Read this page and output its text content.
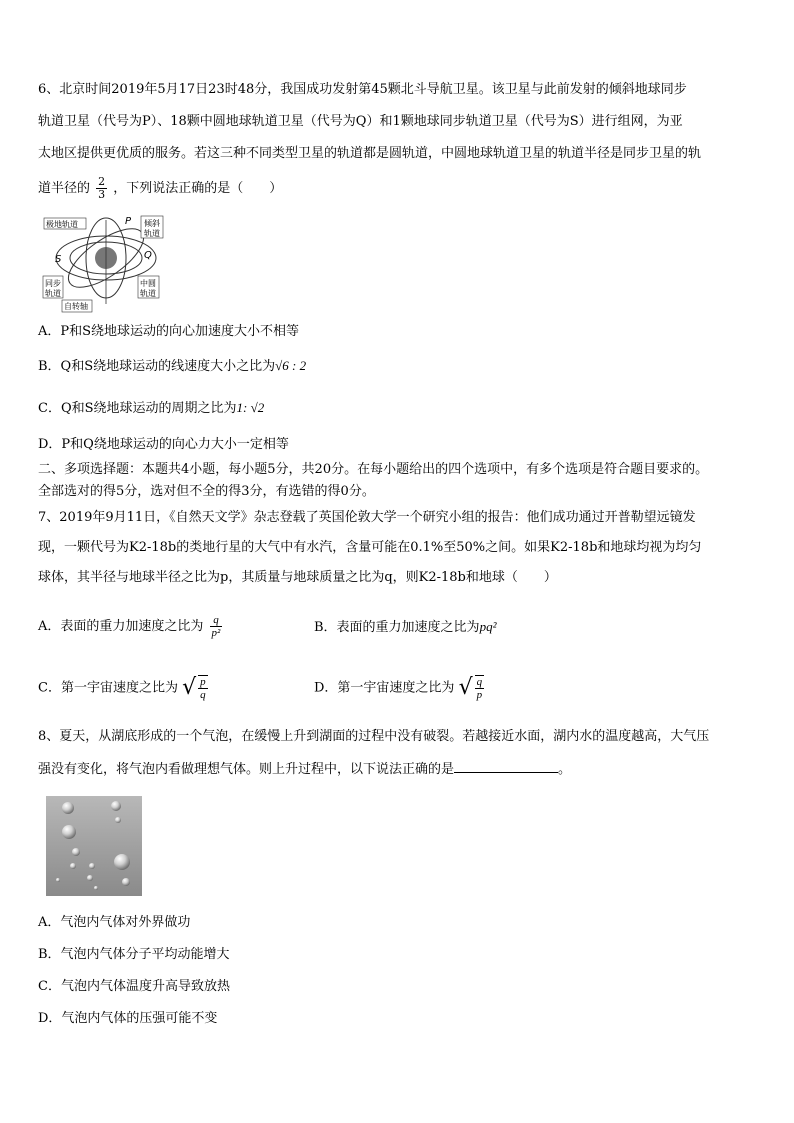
6、北京时间2019年5月17日23时48分，我国成功发射第45颗北斗导航卫星。该卫星与此前发射的倾斜地球同步
轨道卫星（代号为P）、18颗中圆地球轨道卫星（代号为Q）和1颗地球同步轨道卫星（代号为S）进行组网，为亚
太地区提供更优质的服务。若这三种不同类型卫星的轨道都是圆轨道，中圆地球轨道卫星的轨道半径是同步卫星的轨
道半径的 $\frac{2}{3}$ ，下列说法正确的是（　　）
极地轨道	P 倾斜
轨道
S	Q
同步
轨道
中圆
轨道
自转轴
A．P和S绕地球运动的向心加速度大小不相等
B．Q和S绕地球运动的线速度大小之比为√6 : 2
C．Q和S绕地球运动的周期之比为1: √2
D．P和Q绕地球运动的向心力大小一定相等
二、多项选择题：本题共4小题，每小题5分，共20分。在每小题给出的四个选项中，有多个选项是符合题目要求的。
全部选对的得5分，选对但不全的得3分，有选错的得0分。
7、2019年9月11日，《自然天文学》杂志登载了英国伦敦大学一个研究小组的报告：他们成功通过开普勒望远镜发
现，一颗代号为K2-18b的类地行星的大气中有水汽，含量可能在0.1%至50%之间。如果K2-18b和地球均视为均匀
球体，其半径与地球半径之比为p，其质量与地球质量之比为q，则K2-18b和地球（　　）
A．表面的重力加速度之比为 $\frac{q}{\text{p²}}$	B．表面的重力加速度之比为pq²
C．第一宇宙速度之比为 √ $\frac{p}{q}$	D．第一宇宙速度之比为 √ $\frac{q}{p}$
8、夏天，从湖底形成的一个气泡，在缓慢上升到湖面的过程中没有破裂。若越接近水面，湖内水的温度越高，大气压
强没有变化，将气泡内看做理想气体。则上升过程中，以下说法正确的是	。
A．气泡内气体对外界做功
B．气泡内气体分子平均动能增大
C．气泡内气体温度升高导致放热
D．气泡内气体的压强可能不变
